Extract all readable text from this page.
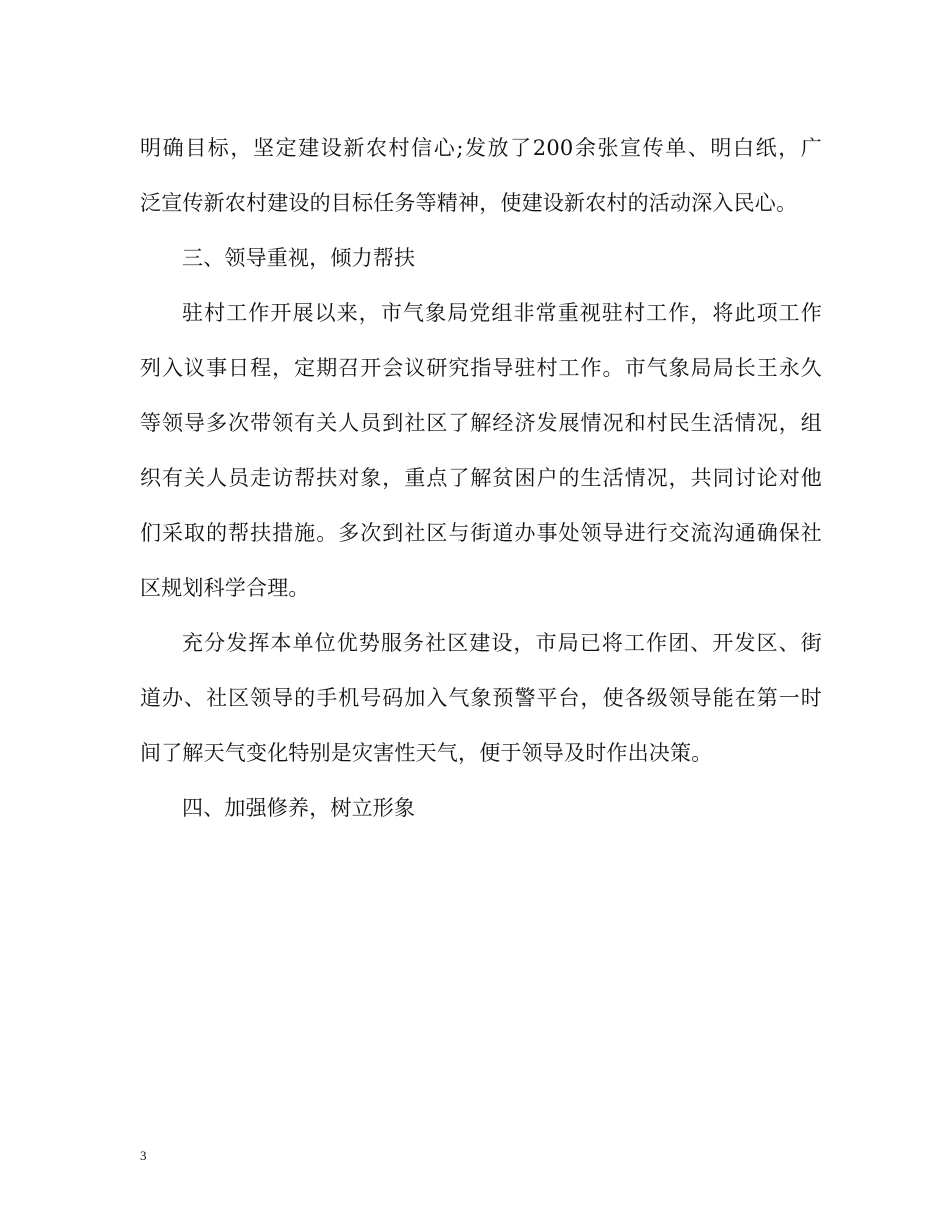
明确目标，坚定建设新农村信心;发放了200余张宣传单、明白纸，广
泛宣传新农村建设的目标任务等精神，使建设新农村的活动深入民心。
三、领导重视，倾力帮扶
驻村工作开展以来，市气象局党组非常重视驻村工作，将此项工作
列入议事日程，定期召开会议研究指导驻村工作。市气象局局长王永久
等领导多次带领有关人员到社区了解经济发展情况和村民生活情况，组
织有关人员走访帮扶对象，重点了解贫困户的生活情况，共同讨论对他
们采取的帮扶措施。多次到社区与街道办事处领导进行交流沟通确保社
区规划科学合理。
充分发挥本单位优势服务社区建设，市局已将工作团、开发区、街
道办、社区领导的手机号码加入气象预警平台，使各级领导能在第一时
间了解天气变化特别是灾害性天气，便于领导及时作出决策。
四、加强修养，树立形象
3
